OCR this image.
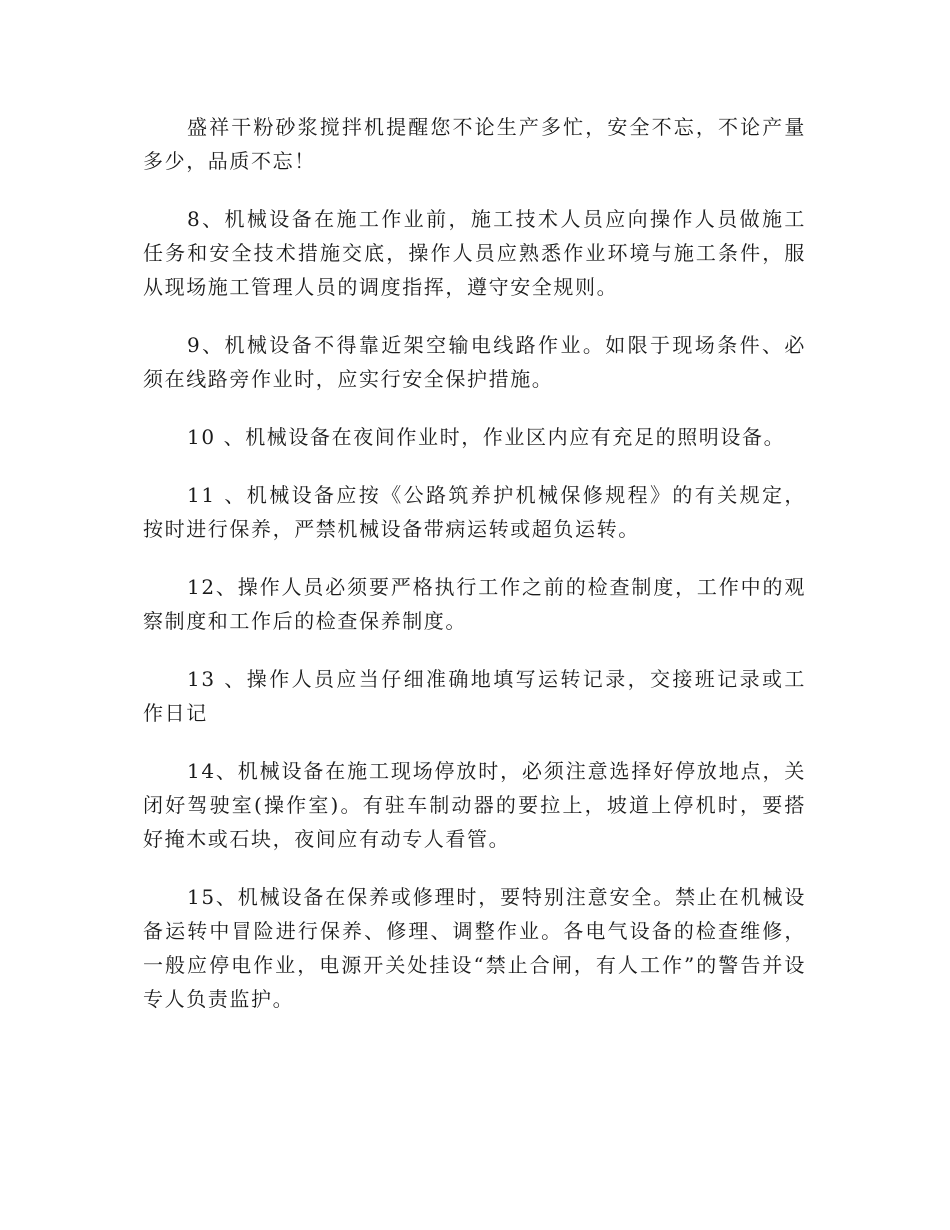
盛祥干粉砂浆搅拌机提醒您不论生产多忙，安全不忘，不论产量多少，品质不忘！

8、机械设备在施工作业前，施工技术人员应向操作人员做施工任务和安全技术措施交底，操作人员应熟悉作业环境与施工条件，服从现场施工管理人员的调度指挥，遵守安全规则。

9、机械设备不得靠近架空输电线路作业。如限于现场条件、必须在线路旁作业时，应实行安全保护措施。

10 、机械设备在夜间作业时，作业区内应有充足的照明设备。

11 、机械设备应按《公路筑养护机械保修规程》的有关规定，按时进行保养，严禁机械设备带病运转或超负运转。

12、操作人员必须要严格执行工作之前的检查制度，工作中的观察制度和工作后的检查保养制度。

13 、操作人员应当仔细准确地填写运转记录，交接班记录或工作日记

14、机械设备在施工现场停放时，必须注意选择好停放地点，关闭好驾驶室(操作室)。有驻车制动器的要拉上，坡道上停机时，要搭好掩木或石块，夜间应有动专人看管。

15、机械设备在保养或修理时，要特别注意安全。禁止在机械设备运转中冒险进行保养、修理、调整作业。各电气设备的检查维修，一般应停电作业，电源开关处挂设“禁止合闸，有人工作”的警告并设专人负责监护。
